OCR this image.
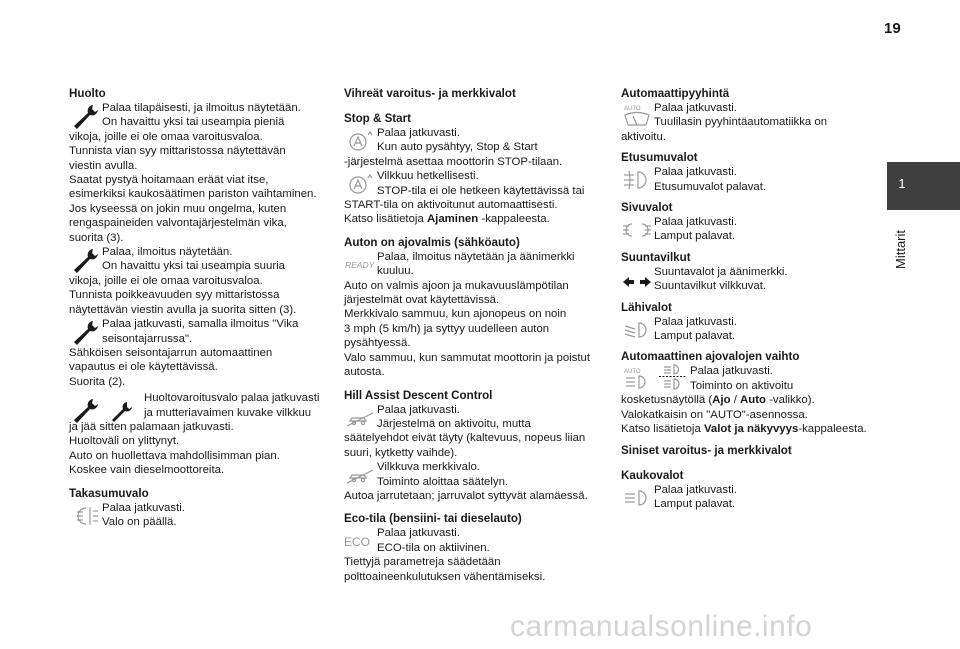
19
1
Mittarit

Huolto

Palaa tilapäisesti, ja ilmoitus näytetään.

On havaittu yksi tai useampia pieniä

vikoja, joille ei ole omaa varoitusvaloa.

Tunnista vian syy mittaristossa näytettävän

viestin avulla.

Saatat pystyä hoitamaan eräät viat itse,

esimerkiksi kaukosäätimen pariston vaihtaminen.

Jos kyseessä on jokin muu ongelma, kuten

rengaspaineiden valvontajärjestelmän vika,

suorita (3).

Palaa, ilmoitus näytetään.

On havaittu yksi tai useampia suuria

vikoja, joille ei ole omaa varoitusvaloa.

Tunnista poikkeavuuden syy mittaristossa

näytettävän viestin avulla ja suorita sitten (3).

Palaa jatkuvasti, samalla ilmoitus "Vika

seisontajarrussa".

Sähköisen seisontajarrun automaattinen

vapautus ei ole käytettävissä.

Suorita (2).

Huoltovaroitusvalo palaa jatkuvasti

ja mutteriavaimen kuvake vilkkuu

ja jää sitten palamaan jatkuvasti.

Huoltoväli on ylittynyt.

Auto on huollettava mahdollisimman pian.

Koskee vain dieselmoottoreita.

Takasumuvalo

Palaa jatkuvasti.

Valo on päällä.

Vihreät varoitus- ja merkkivalot

Stop & Start

Palaa jatkuvasti.

Kun auto pysähtyy, Stop & Start

-järjestelmä asettaa moottorin STOP-tilaan.

Vilkkuu hetkellisesti.

STOP-tila ei ole hetkeen käytettävissä tai

START-tila on aktivoitunut automaattisesti.

Katso lisätietoja Ajaminen -kappaleesta.

Auton on ajovalmis (sähköauto)

READY

Palaa, ilmoitus näytetään ja äänimerkki

kuuluu.

Auto on valmis ajoon ja mukavuuslämpötilan

järjestelmät ovat käytettävissä.

Merkkivalo sammuu, kun ajonopeus on noin

3 mph (5 km/h) ja syttyy uudelleen auton

pysähtyessä.

Valo sammuu, kun sammutat moottorin ja poistut

autosta.

Hill Assist Descent Control

Palaa jatkuvasti.

Järjestelmä on aktivoitu, mutta

säätelyehdot eivät täyty (kaltevuus, nopeus liian

suuri, kytketty vaihde).

Vilkkuva merkkivalo.

Toiminto aloittaa säätelyn.

Autoa jarrutetaan; jarruvalot syttyvät alamäessä.

Eco-tila (bensiini- tai dieselauto)

ECO

Palaa jatkuvasti.

ECO-tila on aktiivinen.

Tiettyjä parametreja säädetään

polttoaineenkulutuksen vähentämiseksi.

Automaattipyyhintä

AUTO	Palaa jatkuvasti.

Tuulilasin pyyhintäautomatiikka on

aktivoitu.

Etusumuvalot

Palaa jatkuvasti.

Etusumuvalot palavat.

Sivuvalot

Palaa jatkuvasti.

Lamput palavat.

Suuntavilkut

Suuntavalot ja äänimerkki.

Suuntavilkut vilkkuvat.

Lähivalot

Palaa jatkuvasti.

Lamput palavat.

Automaattinen ajovalojen vaihto

AUTO	Palaa jatkuvasti.

Toiminto on aktivoitu

kosketusnäytöllä (Ajo / Auto -valikko).

Valokatkaisin on "AUTO"-asennossa.

Katso lisätietoja Valot ja näkyvyys-kappaleesta.

Siniset varoitus- ja merkkivalot

Kaukovalot

Palaa jatkuvasti.

Lamput palavat.

carmanualsonline.info
